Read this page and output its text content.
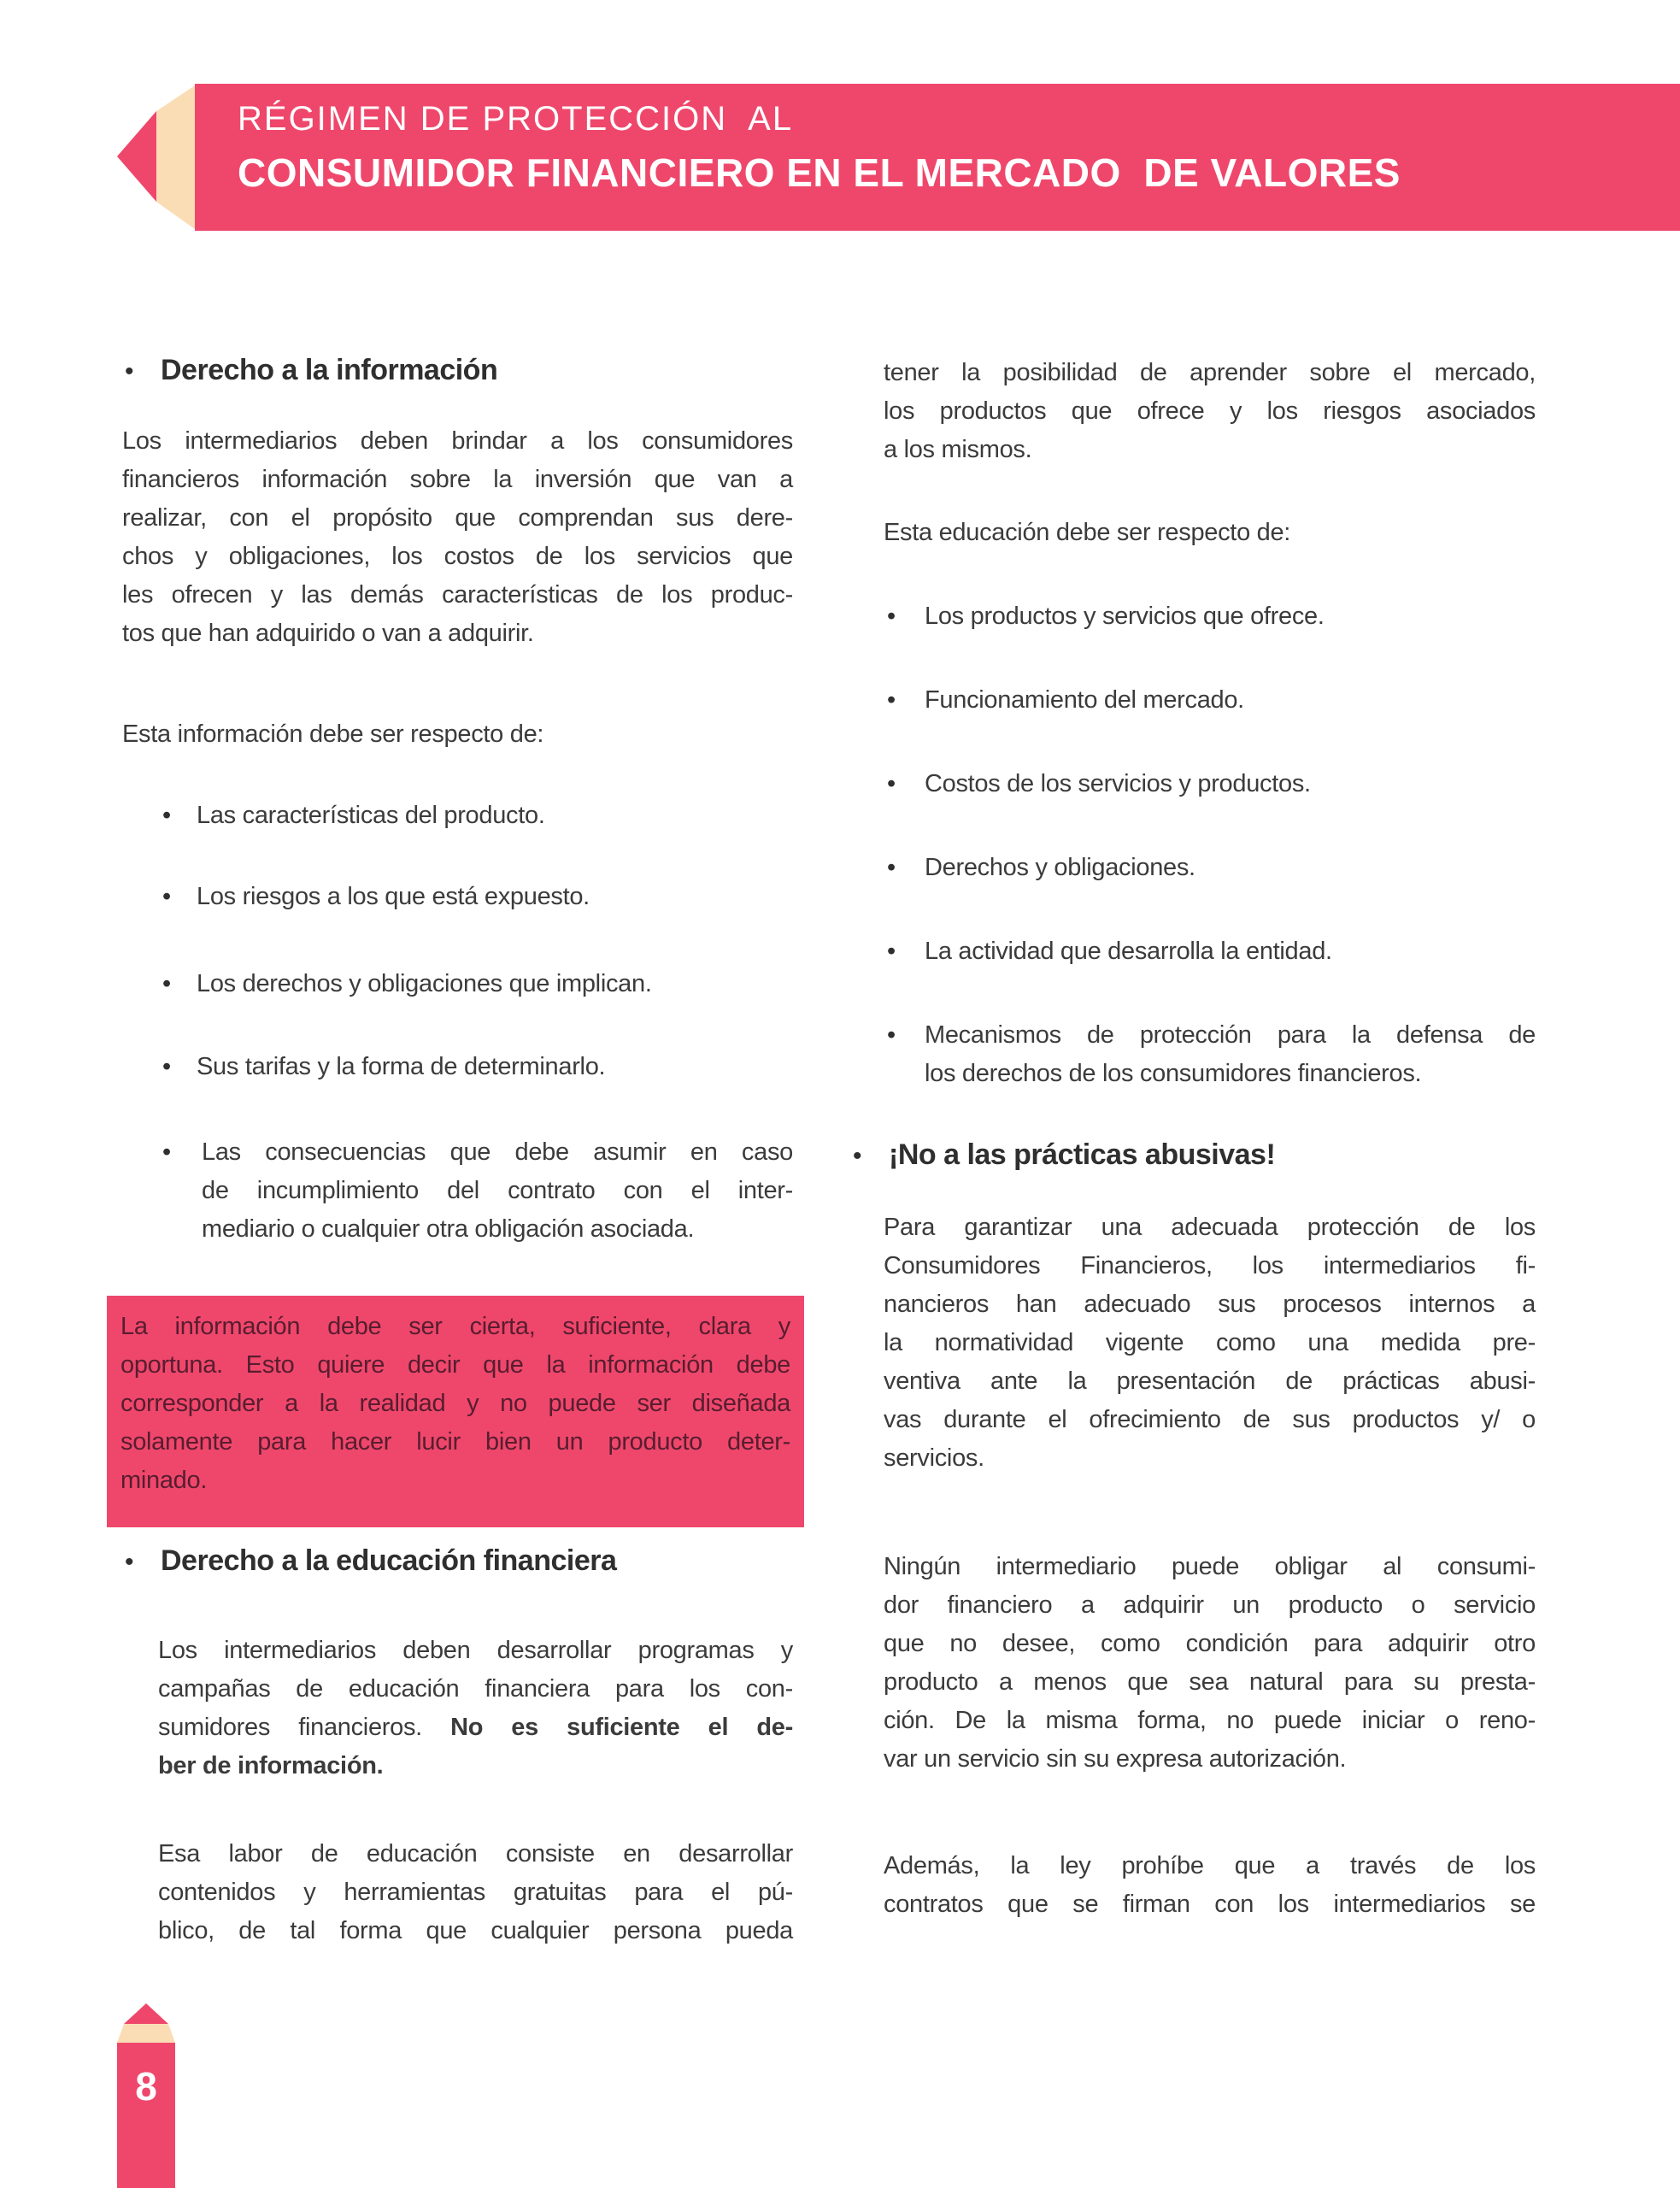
RÉGIMEN DE PROTECCIÓN  AL
CONSUMIDOR FINANCIERO EN EL MERCADO  DE VALORES
• Derecho a la información
Los intermediarios deben brindar a los consumidores
financieros información sobre la inversión que van a
realizar, con el propósito que comprendan sus dere-
chos y obligaciones, los costos de los servicios que
les ofrecen y las demás características de los produc-
tos que han adquirido o van a adquirir.
Esta información debe ser respecto de:
• Las características del producto.
• Los riesgos a los que está expuesto.
• Los derechos y obligaciones que implican.
• Sus tarifas y la forma de determinarlo.
• Las consecuencias que debe asumir en caso
de incumplimiento del contrato con el inter-
mediario o cualquier otra obligación asociada.
La información debe ser cierta, suficiente, clara y
oportuna. Esto quiere decir que la información debe
corresponder a la realidad y no puede ser diseñada
solamente para hacer lucir bien un producto deter-
minado.
• Derecho a la educación financiera
Los intermediarios deben desarrollar programas y
campañas de educación financiera para los con-
sumidores financieros. No es suficiente el de-
ber de información.
Esa labor de educación consiste en desarrollar
contenidos y herramientas gratuitas para el pú-
blico, de tal forma que cualquier persona pueda
tener la posibilidad de aprender sobre el mercado,
los productos que ofrece y los riesgos asociados
a los mismos.
Esta educación debe ser respecto de:
• Los productos y servicios que ofrece.
• Funcionamiento del mercado.
• Costos de los servicios y productos.
• Derechos y obligaciones.
• La actividad que desarrolla la entidad.
• Mecanismos de protección para la defensa de
los derechos de los consumidores financieros.
• ¡No a las prácticas abusivas!
Para garantizar una adecuada protección de los
Consumidores Financieros, los intermediarios fi-
nancieros han adecuado sus procesos internos a
la normatividad vigente como una medida pre-
ventiva ante la presentación de prácticas abusi-
vas durante el ofrecimiento de sus productos y/ o
servicios.
Ningún intermediario puede obligar al consumi-
dor financiero a adquirir un producto o servicio
que no desee, como condición para adquirir otro
producto a menos que sea natural para su presta-
ción. De la misma forma, no puede iniciar o reno-
var un servicio sin su expresa autorización.
Además, la ley prohíbe que a través de los
contratos que se firman con los intermediarios se
8
